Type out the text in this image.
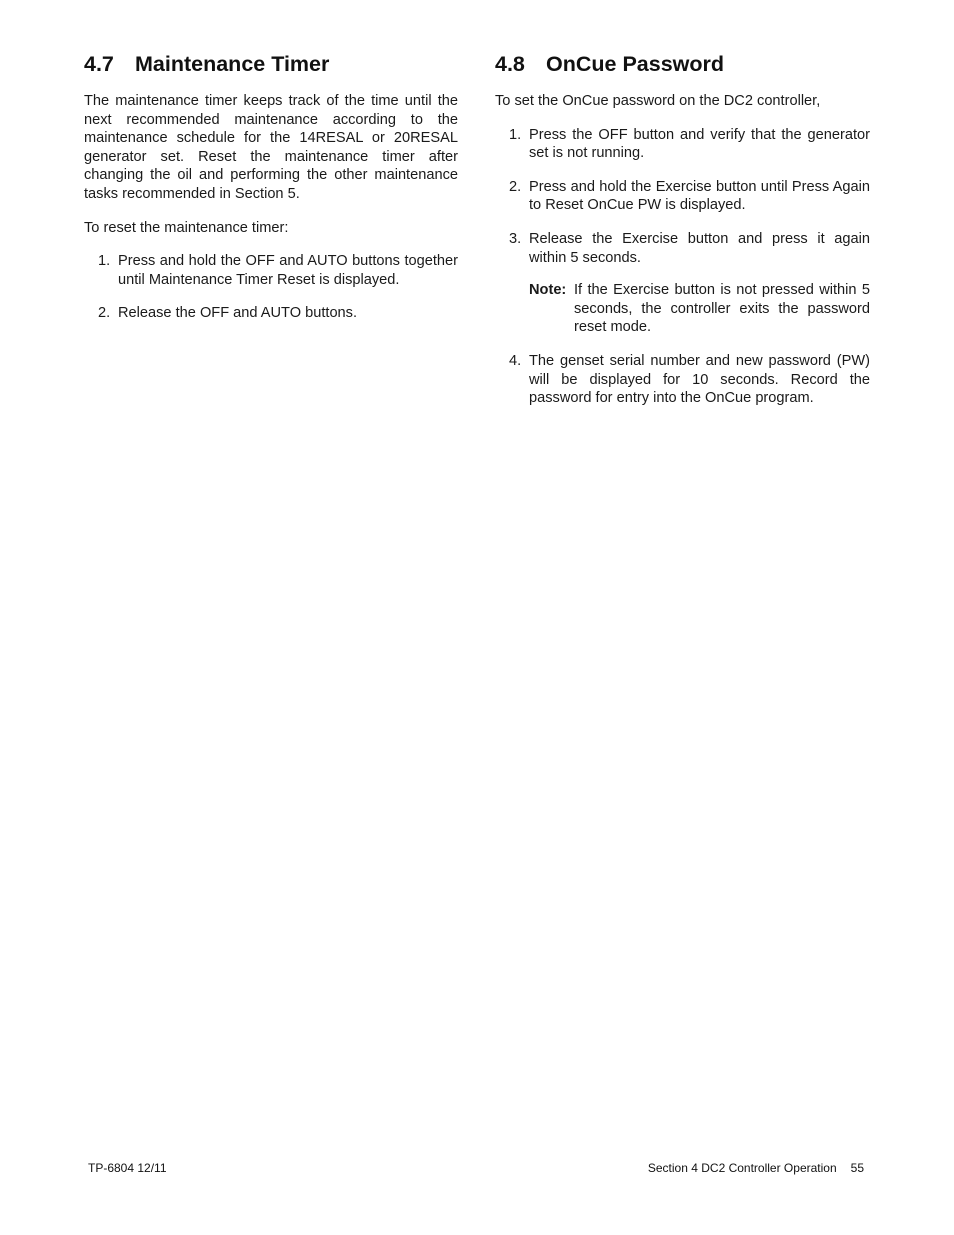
4.7 Maintenance Timer

The maintenance timer keeps track of the time until the next recommended maintenance according to the maintenance schedule for the 14RESAL or 20RESAL generator set. Reset the maintenance timer after changing the oil and performing the other maintenance tasks recommended in Section 5.

To reset the maintenance timer:

1. Press and hold the OFF and AUTO buttons together until Maintenance Timer Reset is displayed.
2. Release the OFF and AUTO buttons.
4.8 OnCue Password

To set the OnCue password on the DC2 controller,

1. Press the OFF button and verify that the generator set is not running.
2. Press and hold the Exercise button until Press Again to Reset OnCue PW is displayed.
3. Release the Exercise button and press it again within 5 seconds.
Note: If the Exercise button is not pressed within 5 seconds, the controller exits the password reset mode.
4. The genset serial number and new password (PW) will be displayed for 10 seconds. Record the password for entry into the OnCue program.
TP-6804 12/11	Section 4 DC2 Controller Operation 55
